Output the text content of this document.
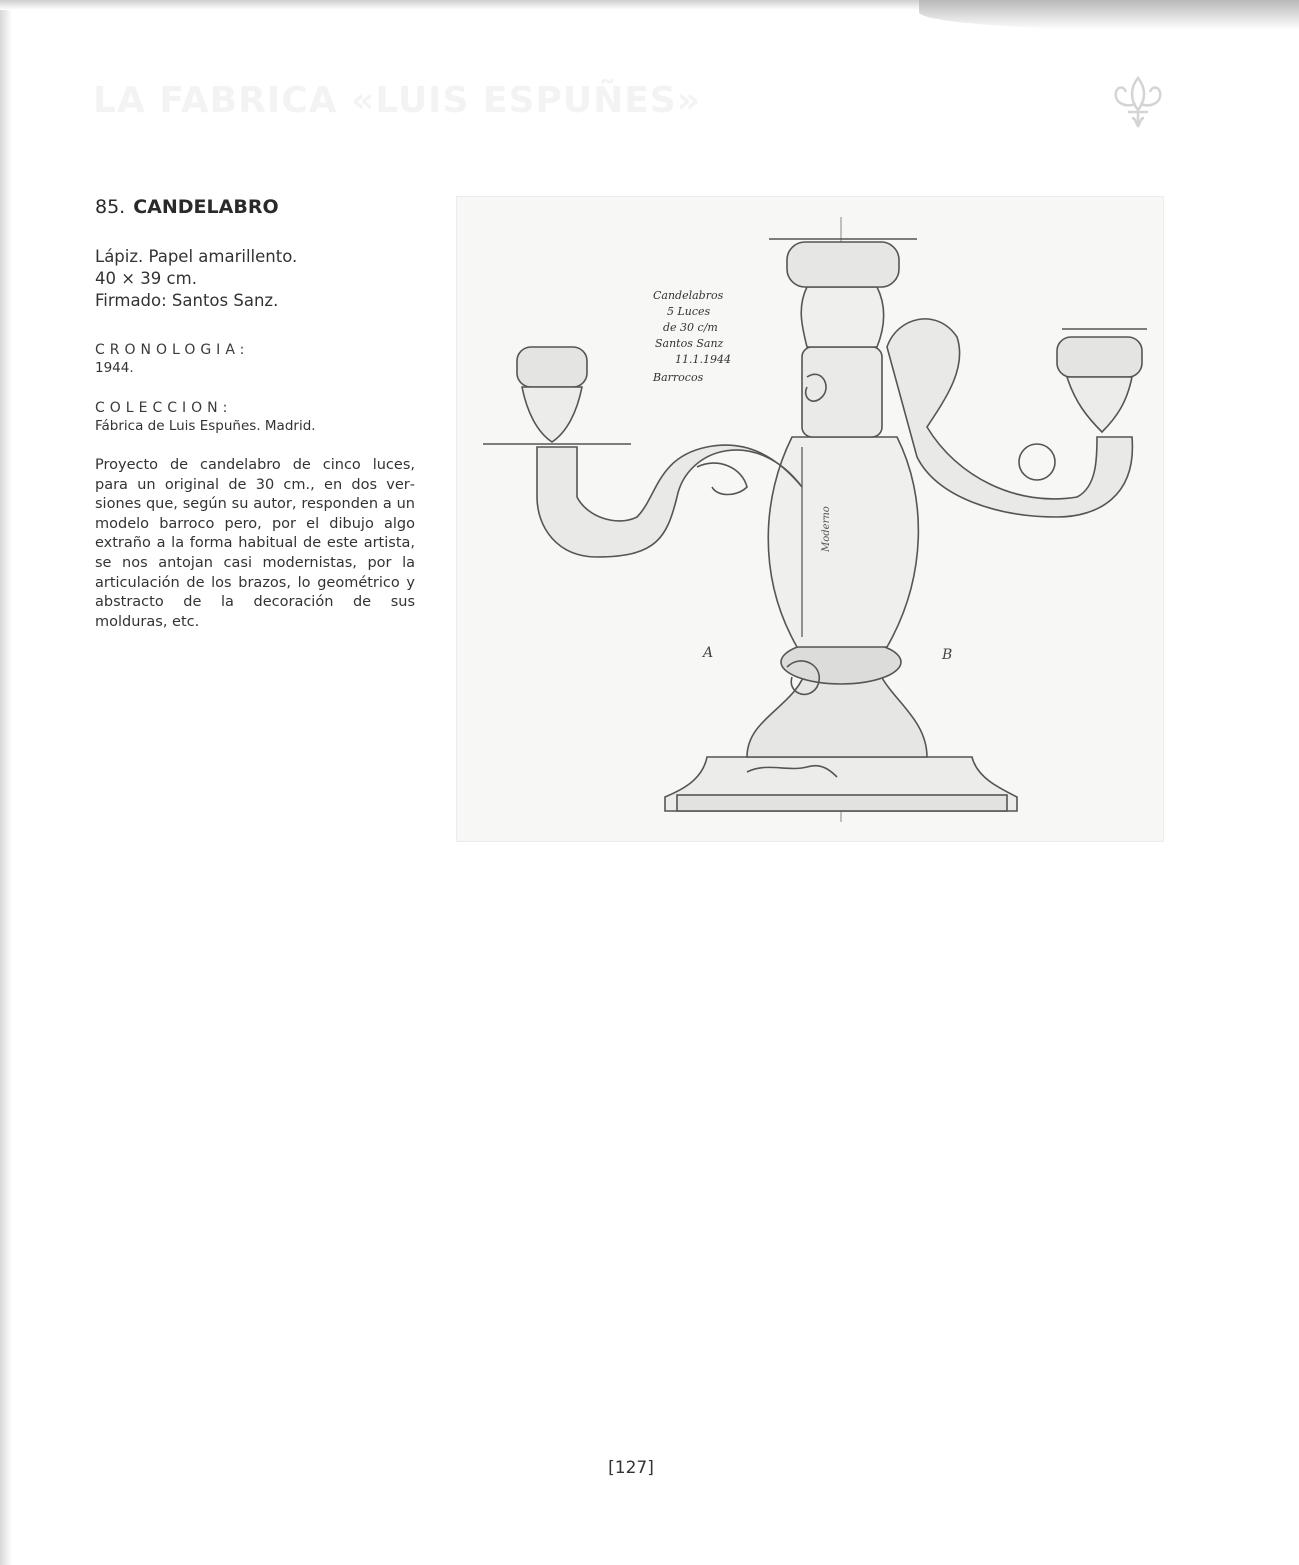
LA FABRICA «LUIS ESPUÑES»
85. CANDELABRO
Lápiz. Papel amarillento.
40 × 39 cm.
Firmado: Santos Sanz.
CRONOLOGIA:
1944.
COLECCION:
Fábrica de Luis Espuñes. Madrid.

Proyecto de candelabro de cinco luces, para un original de 30 cm., en dos versiones que, según su autor, responden a un modelo barroco pero, por el dibujo algo extraño a la forma habitual de este artista, se nos antojan casi modernistas, por la articulación de los brazos, lo geométrico y abstracto de la decoración de sus molduras, etc.

Candelabros
5 Luces
de 30 c/m
Santos Sanz
11.1.1944
Barrocos
A	B
Moderno
[127]
